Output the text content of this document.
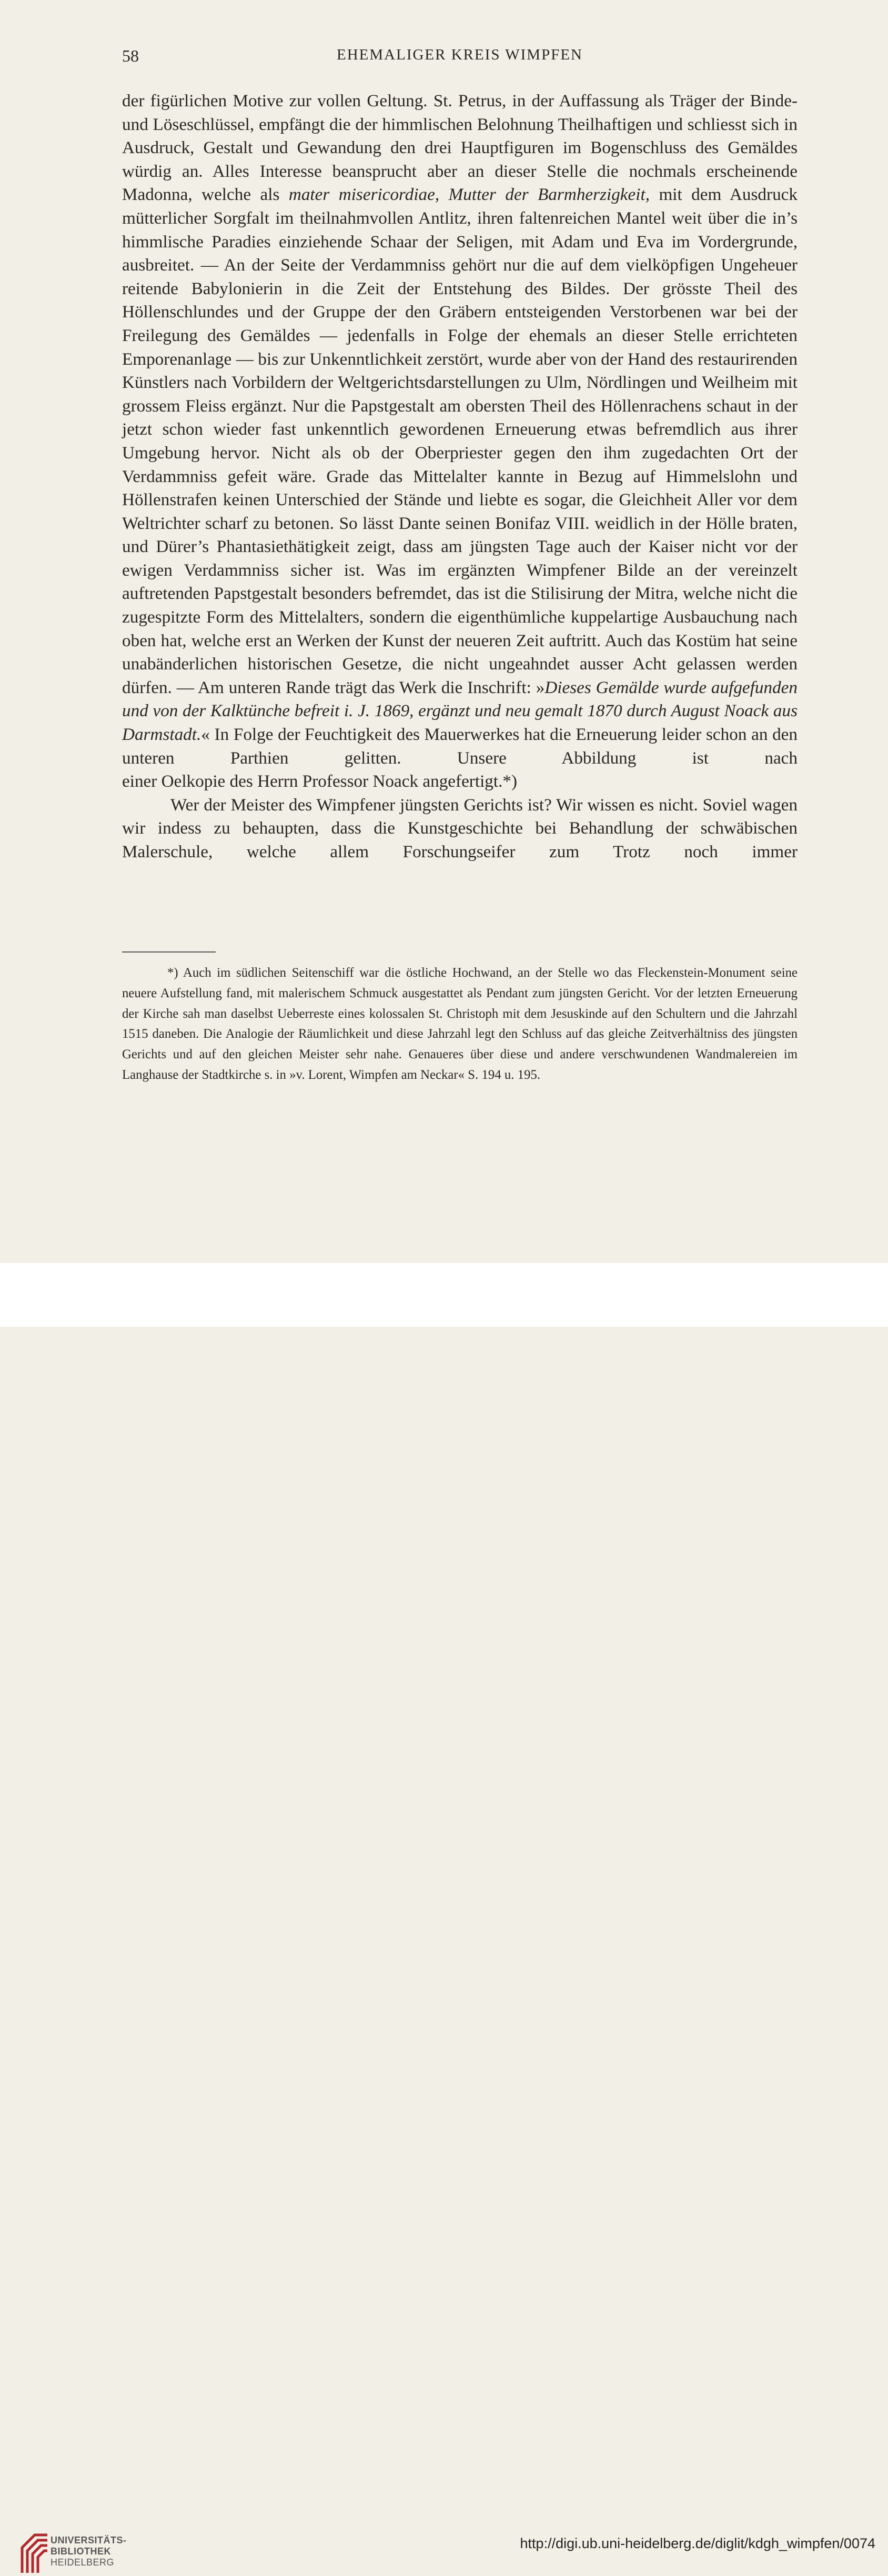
58	EHEMALIGER KREIS WIMPFEN

der figürlichen Motive zur vollen Geltung. St. Petrus, in der Auffassung als Träger der Binde- und Löseschlüssel, empfängt die der himmlischen Belohnung Theilhaftigen und schliesst sich in Ausdruck, Gestalt und Gewandung den drei Hauptfiguren im Bogenschluss des Gemäldes würdig an. Alles Interesse beansprucht aber an dieser Stelle die nochmals erscheinende Madonna, welche als mater misericordiae, Mutter der Barmherzigkeit, mit dem Ausdruck mütterlicher Sorgfalt im theilnahmvollen Antlitz, ihren faltenreichen Mantel weit über die in’s himmlische Paradies einziehende Schaar der Seligen, mit Adam und Eva im Vordergrunde, ausbreitet. — An der Seite der Verdammniss gehört nur die auf dem vielköpfigen Ungeheuer reitende Babylonierin in die Zeit der Entstehung des Bildes. Der grösste Theil des Höllenschlundes und der Gruppe der den Gräbern entsteigenden Verstorbenen war bei der Freilegung des Gemäldes — jedenfalls in Folge der ehemals an dieser Stelle errichteten Emporenanlage — bis zur Unkenntlichkeit zerstört, wurde aber von der Hand des restaurirenden Künstlers nach Vorbildern der Weltgerichtsdarstellungen zu Ulm, Nördlingen und Weilheim mit grossem Fleiss ergänzt. Nur die Papstgestalt am obersten Theil des Höllenrachens schaut in der jetzt schon wieder fast unkenntlich gewordenen Erneuerung etwas befremdlich aus ihrer Umgebung hervor. Nicht als ob der Oberpriester gegen den ihm zugedachten Ort der Verdammniss gefeit wäre. Grade das Mittelalter kannte in Bezug auf Himmelslohn und Höllenstrafen keinen Unterschied der Stände und liebte es sogar, die Gleichheit Aller vor dem Weltrichter scharf zu betonen. So lässt Dante seinen Bonifaz VIII. weidlich in der Hölle braten, und Dürer’s Phantasiethätigkeit zeigt, dass am jüngsten Tage auch der Kaiser nicht vor der ewigen Verdammniss sicher ist. Was im ergänzten Wimpfener Bilde an der vereinzelt auftretenden Papstgestalt besonders befremdet, das ist die Stilisirung der Mitra, welche nicht die zugespitzte Form des Mittelalters, sondern die eigenthümliche kuppelartige Ausbauchung nach oben hat, welche erst an Werken der Kunst der neueren Zeit auftritt. Auch das Kostüm hat seine unabänderlichen historischen Gesetze, die nicht ungeahndet ausser Acht gelassen werden dürfen. — Am unteren Rande trägt das Werk die Inschrift: »Dieses Gemälde wurde aufgefunden und von der Kalktünche befreit i. J. 1869, ergänzt und neu gemalt 1870 durch August Noack aus Darmstadt.« In Folge der Feuchtigkeit des Mauerwerkes hat die Erneuerung leider schon an den unteren Parthien gelitten. Unsere Abbildung ist nach
einer Oelkopie des Herrn Professor Noack angefertigt.*)

Wer der Meister des Wimpfener jüngsten Gerichts ist? Wir wissen es nicht. Soviel wagen wir indess zu behaupten, dass die Kunstgeschichte bei Behandlung der schwäbischen Malerschule, welche allem Forschungseifer zum Trotz noch immer

*) Auch im südlichen Seitenschiff war die östliche Hochwand, an der Stelle wo das Fleckenstein-Monument seine neuere Aufstellung fand, mit malerischem Schmuck ausgestattet als Pendant zum jüngsten Gericht. Vor der letzten Erneuerung der Kirche sah man daselbst Ueberreste eines kolossalen St. Christoph mit dem Jesuskinde auf den Schultern und die Jahrzahl 1515 daneben. Die Analogie der Räumlichkeit und diese Jahrzahl legt den Schluss auf das gleiche Zeitverhältniss des jüngsten Gerichts und auf den gleichen Meister sehr nahe. Genaueres über diese und andere verschwundenen Wandmalereien im Langhause der Stadtkirche s. in »v. Lorent, Wimpfen am Neckar« S. 194 u. 195.

UNIVERSITÄTS-
BIBLIOTHEK
HEIDELBERG
http://digi.ub.uni-heidelberg.de/diglit/kdgh_wimpfen/0074
